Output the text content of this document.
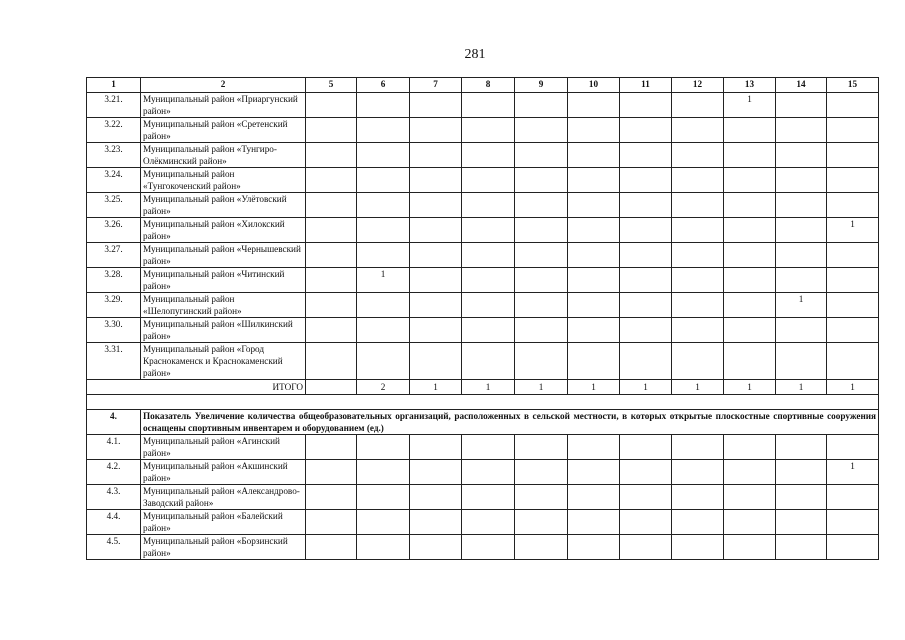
281
1	2	5	6	7	8	9	10	11	12	13	14	15
3.21.	Муниципальный район «Приаргунский район»									1		
3.22.	Муниципальный район «Сретенский район»											
3.23.	Муниципальный район «Тунгиро-Олёкминский район»											
3.24.	Муниципальный район «Тунгокоченский район»											
3.25.	Муниципальный район «Улётовский район»											
3.26.	Муниципальный район «Хилокский район»											1
3.27.	Муниципальный район «Чернышевский район»											
3.28.	Муниципальный район «Читинский район»		1									
3.29.	Муниципальный район «Шелопугинский район»										1	
3.30.	Муниципальный район «Шилкинский район»											
3.31.	Муниципальный район «Город Краснокаменск и Краснокаменский район»											
ИТОГО			2	1	1	1	1	1	1	1	1	1

4.	Показатель Увеличение количества общеобразовательных организаций, расположенных в сельской местности, в которых открытые плоскостные спортивные сооружения оснащены спортивным инвентарем и оборудованием (ед.)											
4.1.	Муниципальный район «Агинский район»											
4.2.	Муниципальный район «Акшинский район»											1
4.3.	Муниципальный район «Александрово-Заводский район»											
4.4.	Муниципальный район «Балейский район»											
4.5.	Муниципальный район «Борзинский район»											
